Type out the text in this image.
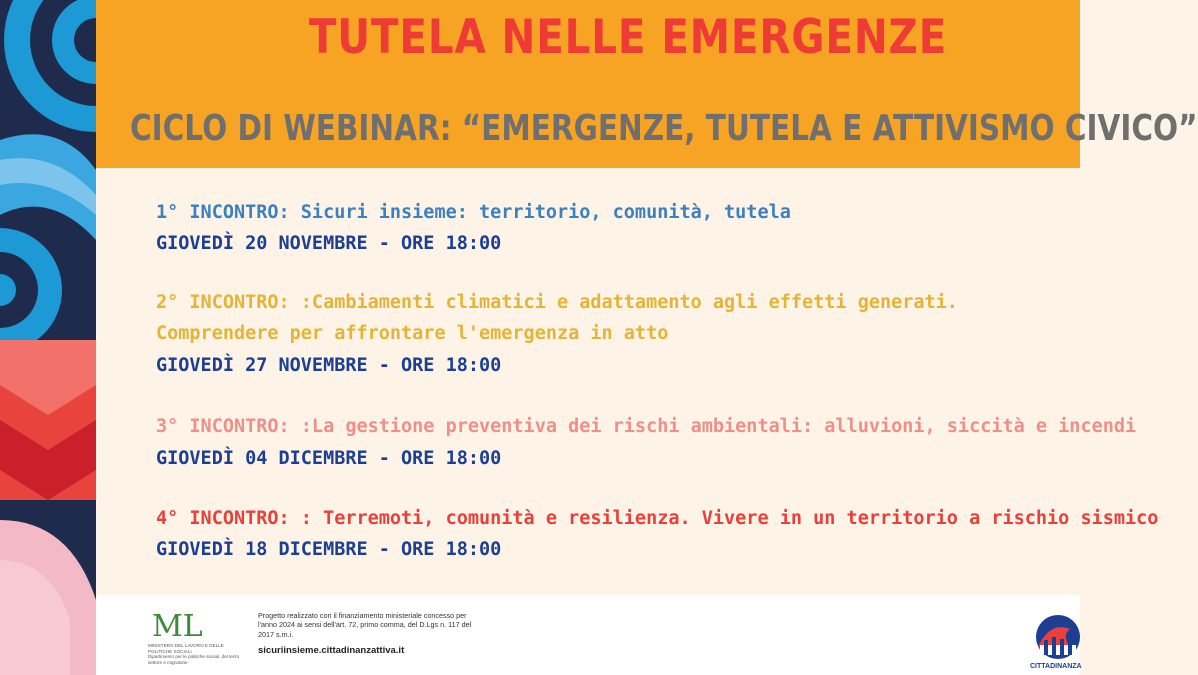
TUTELA NELLE EMERGENZE
CICLO DI WEBINAR: “EMERGENZE, TUTELA E ATTIVISMO CIVICO”
1° INCONTRO: Sicuri insieme: territorio, comunità, tutela
GIOVEDÌ 20 NOVEMBRE - ORE 18:00
2° INCONTRO: :Cambiamenti climatici e adattamento agli effetti generati.
Comprendere per affrontare l'emergenza in atto
GIOVEDÌ 27 NOVEMBRE - ORE 18:00
3° INCONTRO: :La gestione preventiva dei rischi ambientali: alluvioni, siccità e incendi
GIOVEDÌ 04 DICEMBRE - ORE 18:00
4° INCONTRO: : Terremoti, comunità e resilienza. Vivere in un territorio a rischio sismico
GIOVEDÌ 18 DICEMBRE - ORE 18:00
ML
MINISTERO DEL LAVORO E DELLE POLITICHE SOCIALI
Dipartimento per le politiche sociali, del terzo settore e migratorie
Progetto realizzato con il finanziamento ministeriale concesso per l'anno 2024 ai sensi dell'art. 72, primo comma, del D.Lgs n. 117 del 2017 s.m.i.
sicuriinsieme.cittadinanzattiva.it
CITTADINANZA
